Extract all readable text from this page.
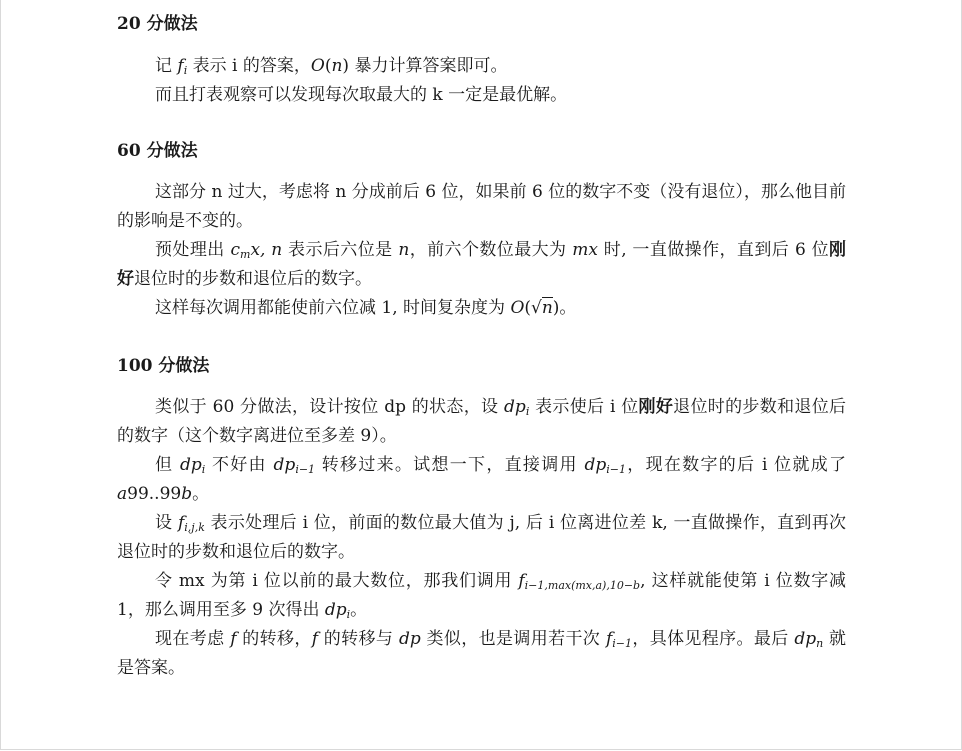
20 分做法

记 $f_i$ 表示 i 的答案，O(n) 暴力计算答案即可。

而且打表观察可以发现每次取最大的 k 一定是最优解。

60 分做法

这部分 n 过大，考虑将 n 分成前后 6 位，如果前 6 位的数字不变（没有退位），那么他目前的影响是不变的。

预处理出 $c_mx$, n 表示后六位是 n，前六个数位最大为 mx 时, 一直做操作，直到后 6 位刚好退位时的步数和退位后的数字。

这样每次调用都能使前六位减 1, 时间复杂度为 O(√n)。

100 分做法

类似于 60 分做法，设计按位 dp 的状态，设 $dp_i$ 表示使后 i 位刚好退位时的步数和退位后的数字（这个数字离进位至多差 9）。

但 $dp_i$ 不好由 $dp_{i-1}$ 转移过来。试想一下，直接调用 $dp_{i-1}$，现在数字的后 i 位就成了 a99..99b。

设 $f_{i,j,k}$ 表示处理后 i 位，前面的数位最大值为 j, 后 i 位离进位差 k, 一直做操作，直到再次退位时的步数和退位后的数字。

令 mx 为第 i 位以前的最大数位，那我们调用 $f_{i-1,max(mx,a),10-b}$, 这样就能使第 i 位数字减 1，那么调用至多 9 次得出 $dp_i$。

现在考虑 f 的转移，f 的转移与 dp 类似，也是调用若干次 $f_{i-1}$，具体见程序。最后 $dp_n$ 就是答案。
